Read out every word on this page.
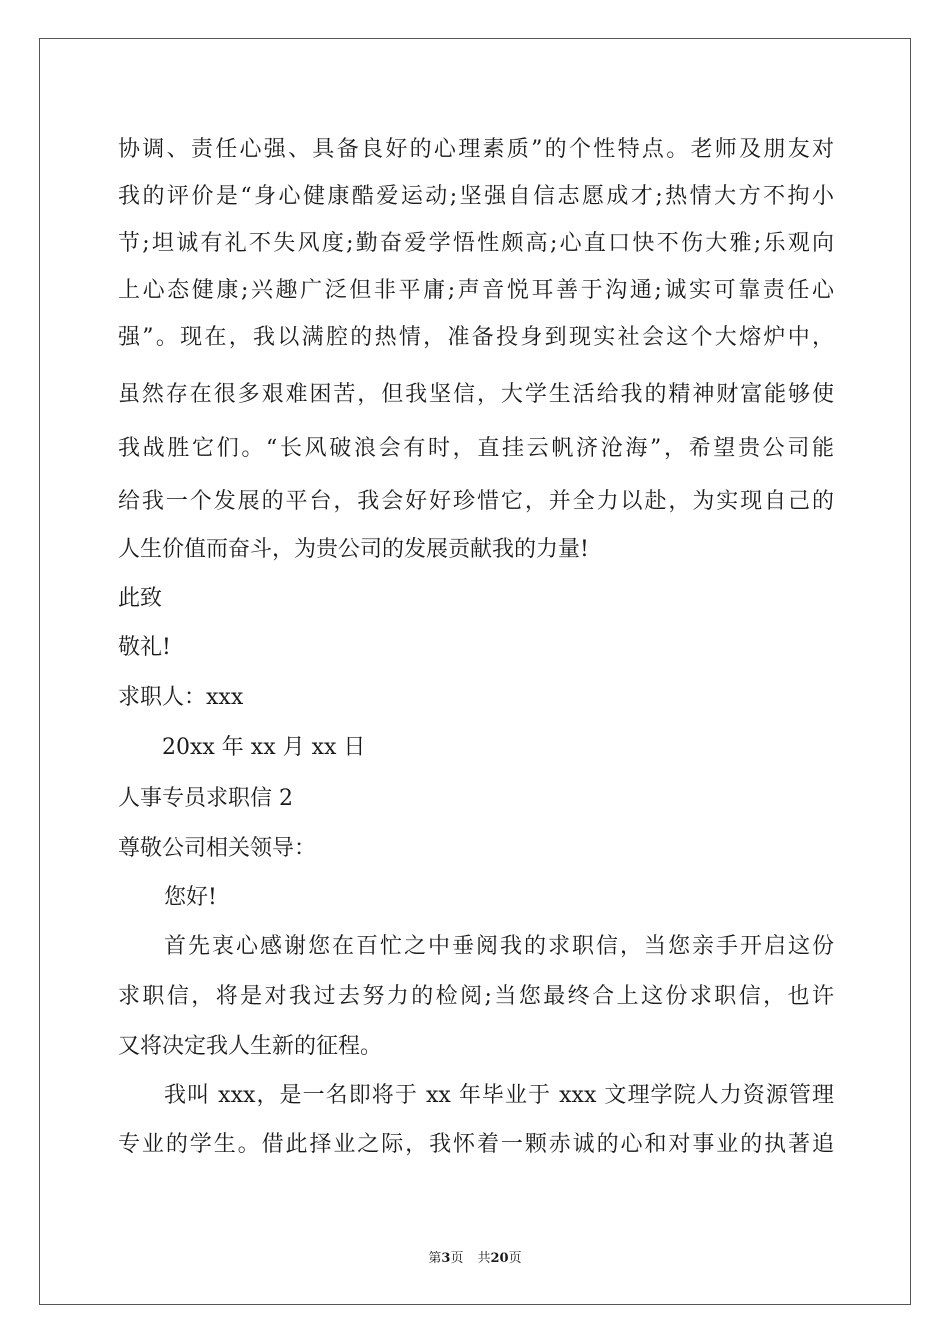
协调、责任心强、具备良好的心理素质”的个性特点。老师及朋友对
我的评价是“身心健康酷爱运动;坚强自信志愿成才;热情大方不拘小
节;坦诚有礼不失风度;勤奋爱学悟性颇高;心直口快不伤大雅;乐观向
上心态健康;兴趣广泛但非平庸;声音悦耳善于沟通;诚实可靠责任心
强”。现在，我以满腔的热情，准备投身到现实社会这个大熔炉中，
虽然存在很多艰难困苦，但我坚信，大学生活给我的精神财富能够使
我战胜它们。“长风破浪会有时，直挂云帆济沧海”，希望贵公司能
给我一个发展的平台，我会好好珍惜它，并全力以赴，为实现自己的
人生价值而奋斗，为贵公司的发展贡献我的力量!
此致
敬礼!
求职人：xxx
20xx 年 xx 月 xx 日
人事专员求职信 2
尊敬公司相关领导：
您好!
首先衷心感谢您在百忙之中垂阅我的求职信，当您亲手开启这份
求职信，将是对我过去努力的检阅;当您最终合上这份求职信，也许
又将决定我人生新的征程。
我叫 xxx，是一名即将于 xx 年毕业于 xxx 文理学院人力资源管理
专业的学生。借此择业之际，我怀着一颗赤诚的心和对事业的执著追
第3页 共20页
